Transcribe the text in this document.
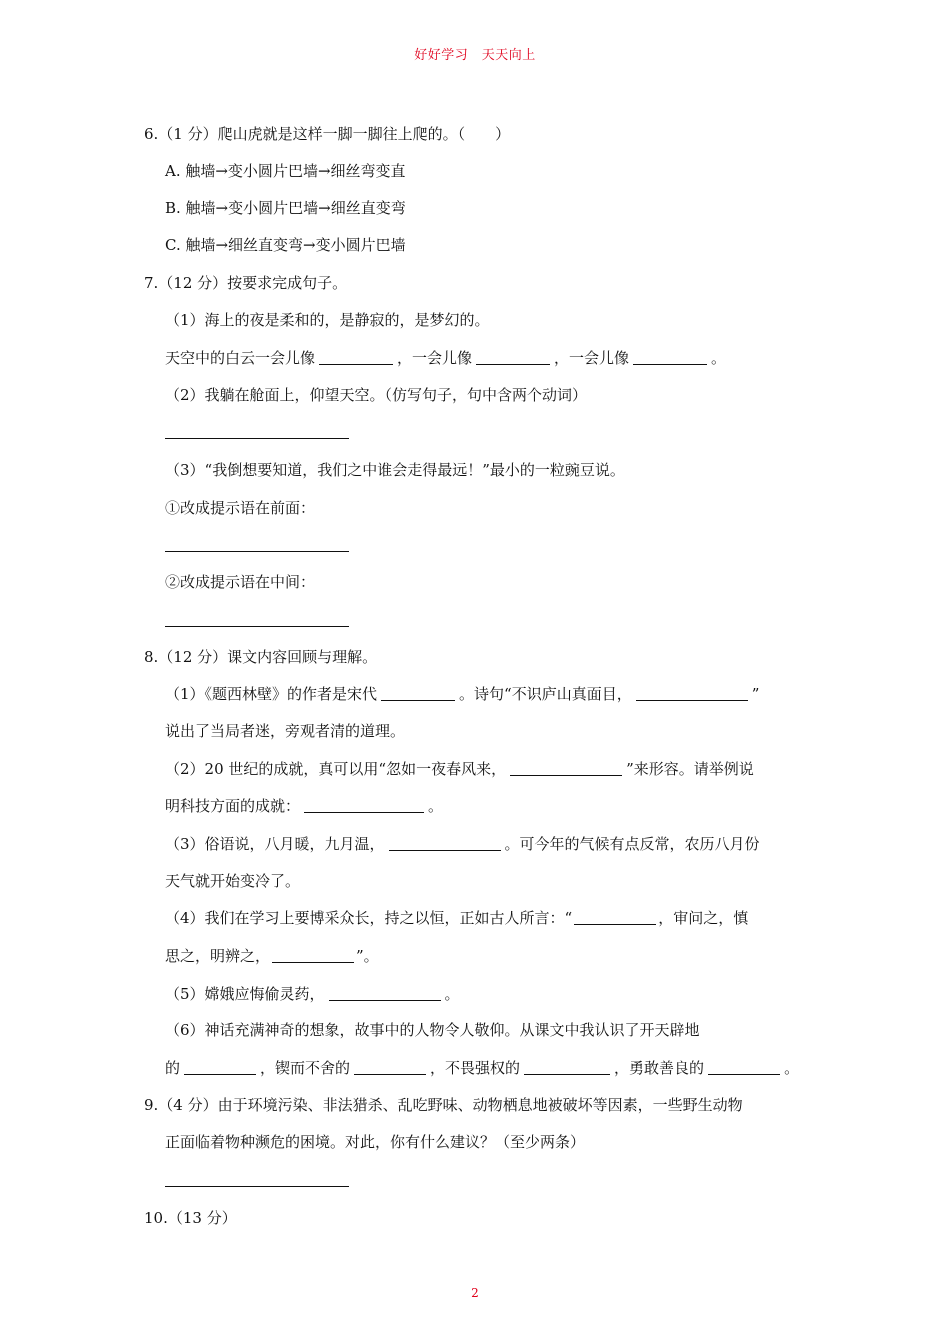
好好学习　天天向上
6.（1 分）爬山虎就是这样一脚一脚往上爬的。（　　）
A. 触墙→变小圆片巴墙→细丝弯变直
B. 触墙→变小圆片巴墙→细丝直变弯
C. 触墙→细丝直变弯→变小圆片巴墙
7.（12 分）按要求完成句子。
（1）海上的夜是柔和的，是静寂的，是梦幻的。
天空中的白云一会儿像	，一会儿像	，一会儿像	。
（2）我躺在舱面上，仰望天空。（仿写句子，句中含两个动词）
（3）“我倒想要知道，我们之中谁会走得最远！”最小的一粒豌豆说。
①改成提示语在前面：
②改成提示语在中间：
8.（12 分）课文内容回顾与理解。
（1）《题西林壁》的作者是宋代	。诗句“不识庐山真面目，	”
说出了当局者迷，旁观者清的道理。
（2）20 世纪的成就，真可以用“忽如一夜春风来，	”来形容。请举例说
明科技方面的成就：	。
（3）俗语说，八月暖，九月温，	。可今年的气候有点反常，农历八月份
天气就开始变冷了。
（4）我们在学习上要博采众长，持之以恒，正如古人所言：“	，审问之，慎
思之，明辨之，	”。
（5）嫦娥应悔偷灵药，	。
（6）神话充满神奇的想象，故事中的人物令人敬仰。从课文中我认识了开天辟地
的	，锲而不舍的	，不畏强权的	，勇敢善良的	。
9.（4 分）由于环境污染、非法猎杀、乱吃野味、动物栖息地被破坏等因素，一些野生动物
正面临着物种濒危的困境。对此，你有什么建议？（至少两条）
10.（13 分）
2
